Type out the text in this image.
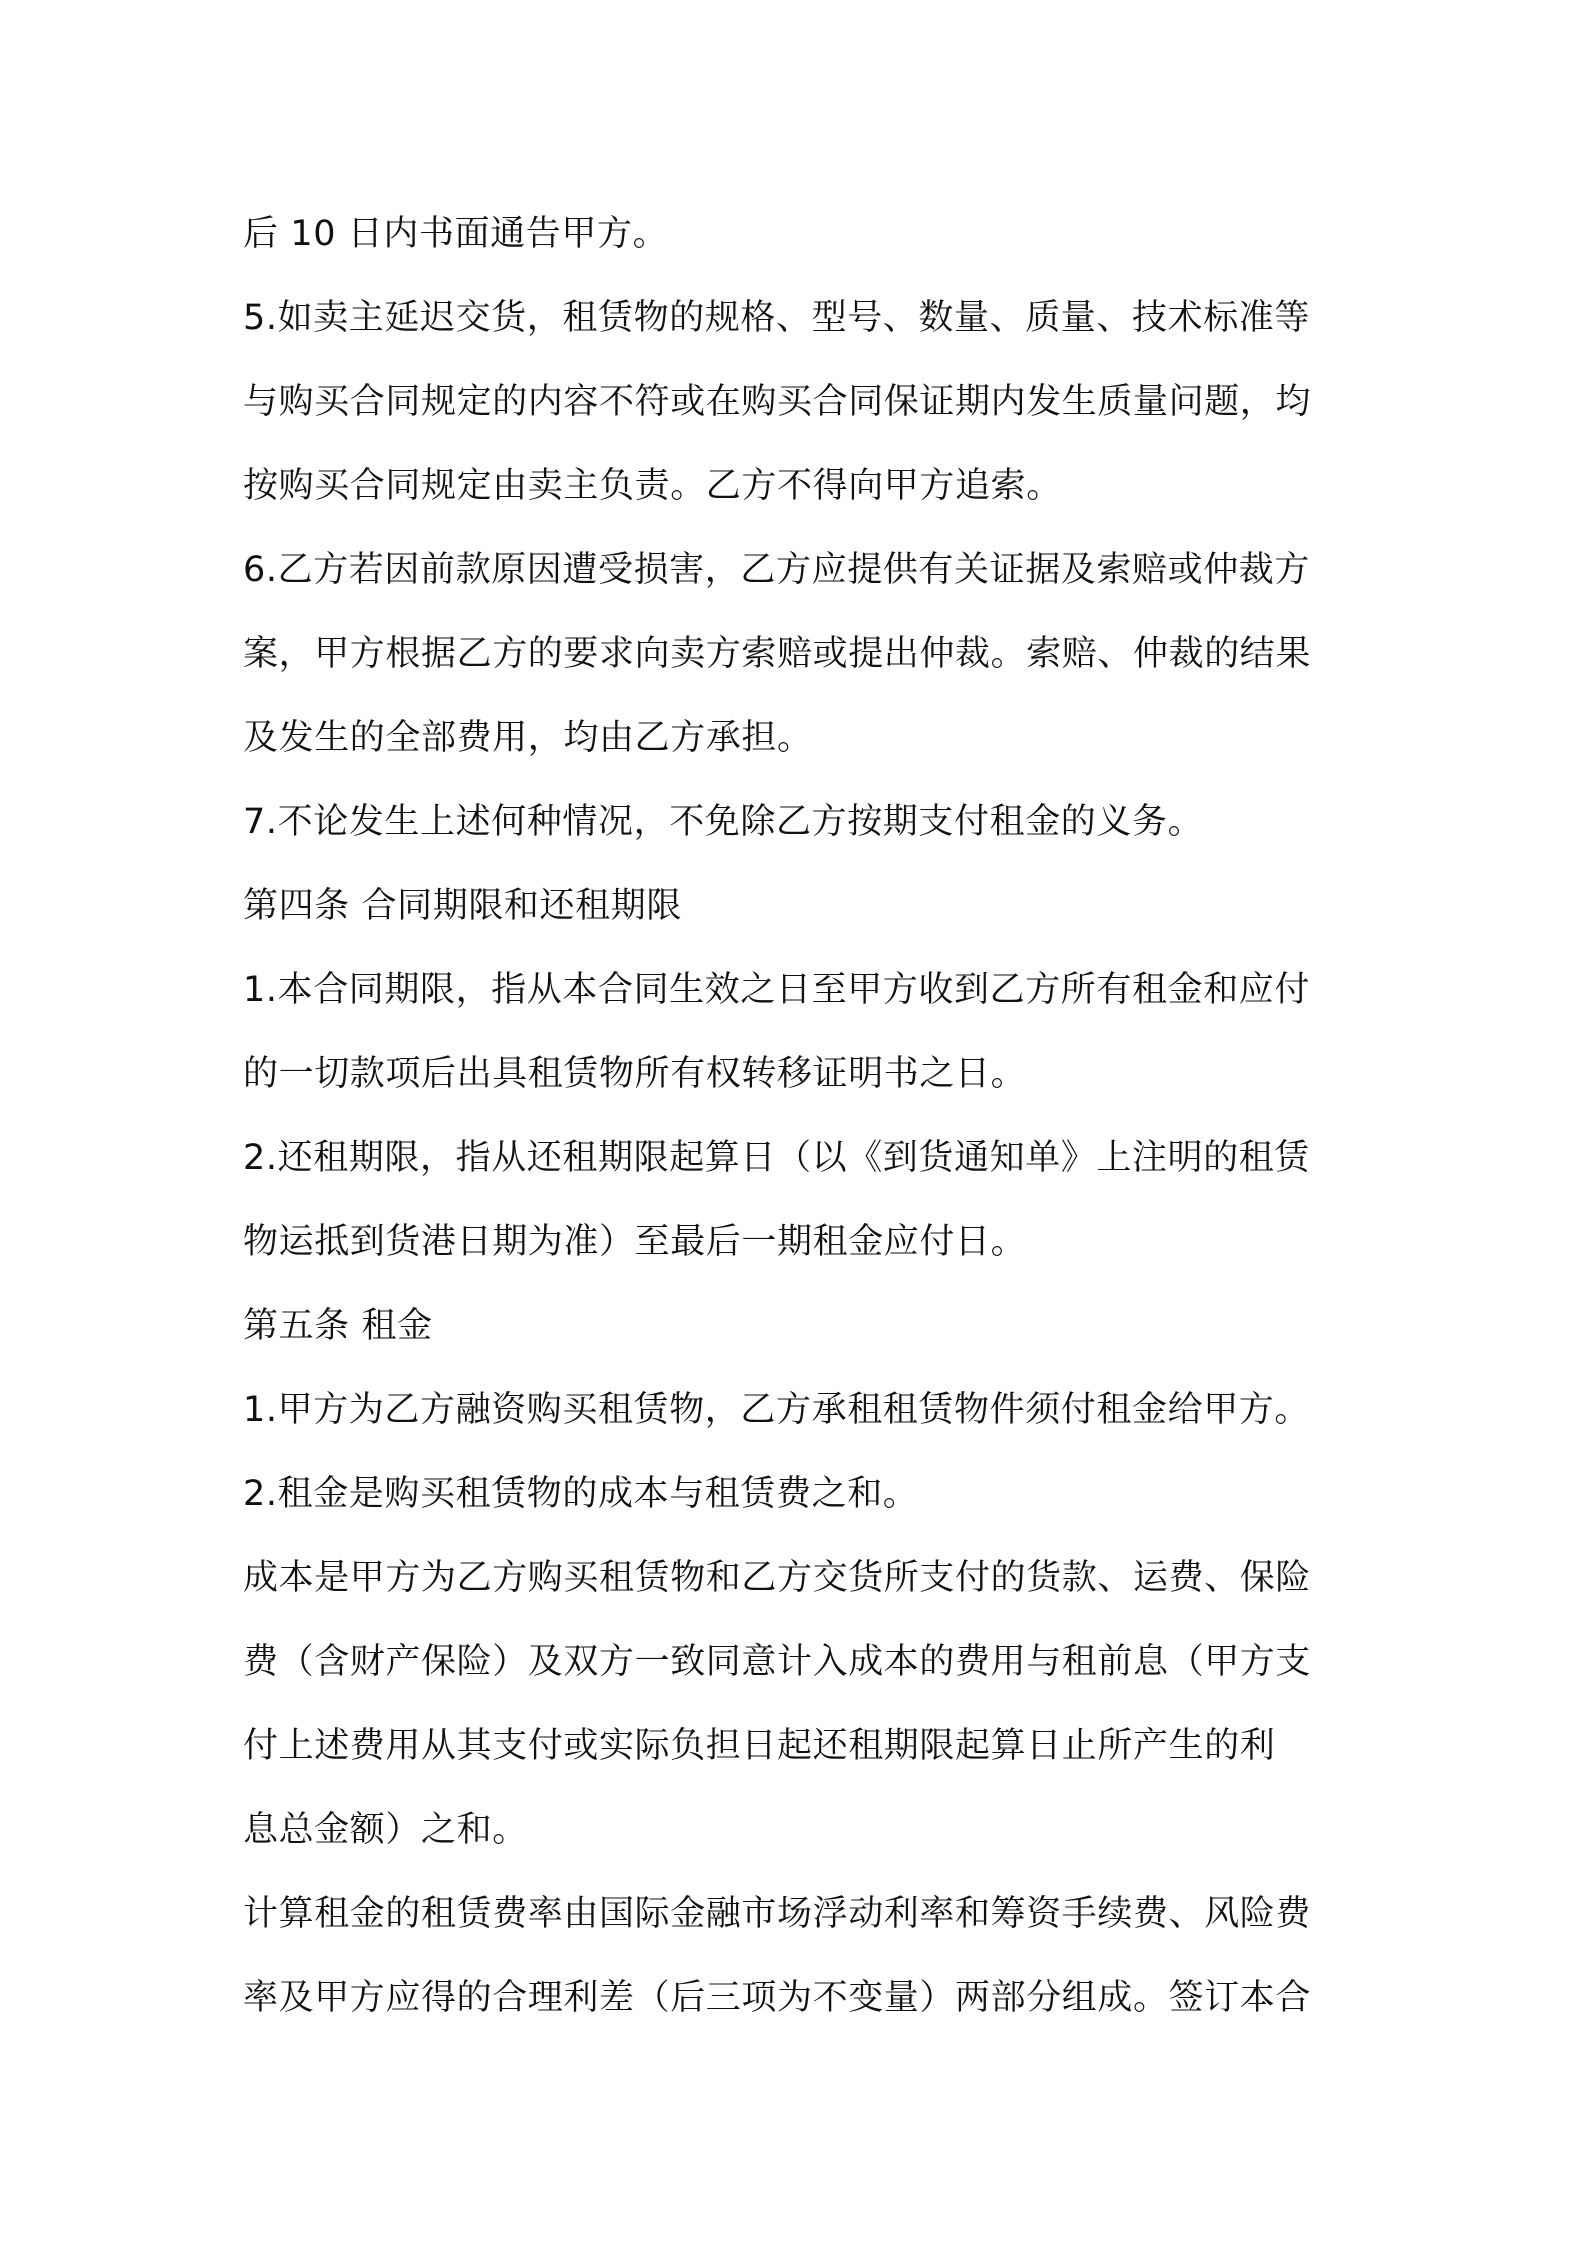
后 10 日内书面通告甲方。
5.如卖主延迟交货，租赁物的规格、型号、数量、质量、技术标准等
与购买合同规定的内容不符或在购买合同保证期内发生质量问题，均
按购买合同规定由卖主负责。乙方不得向甲方追索。
6.乙方若因前款原因遭受损害，乙方应提供有关证据及索赔或仲裁方
案，甲方根据乙方的要求向卖方索赔或提出仲裁。索赔、仲裁的结果
及发生的全部费用，均由乙方承担。
7.不论发生上述何种情况，不免除乙方按期支付租金的义务。
第四条 合同期限和还租期限
1.本合同期限，指从本合同生效之日至甲方收到乙方所有租金和应付
的一切款项后出具租赁物所有权转移证明书之日。
2.还租期限，指从还租期限起算日（以《到货通知单》上注明的租赁
物运抵到货港日期为准）至最后一期租金应付日。
第五条 租金
1.甲方为乙方融资购买租赁物，乙方承租租赁物件须付租金给甲方。
2.租金是购买租赁物的成本与租赁费之和。
成本是甲方为乙方购买租赁物和乙方交货所支付的货款、运费、保险
费（含财产保险）及双方一致同意计入成本的费用与租前息（甲方支
付上述费用从其支付或实际负担日起还租期限起算日止所产生的利
息总金额）之和。
计算租金的租赁费率由国际金融市场浮动利率和筹资手续费、风险费
率及甲方应得的合理利差（后三项为不变量）两部分组成。签订本合
